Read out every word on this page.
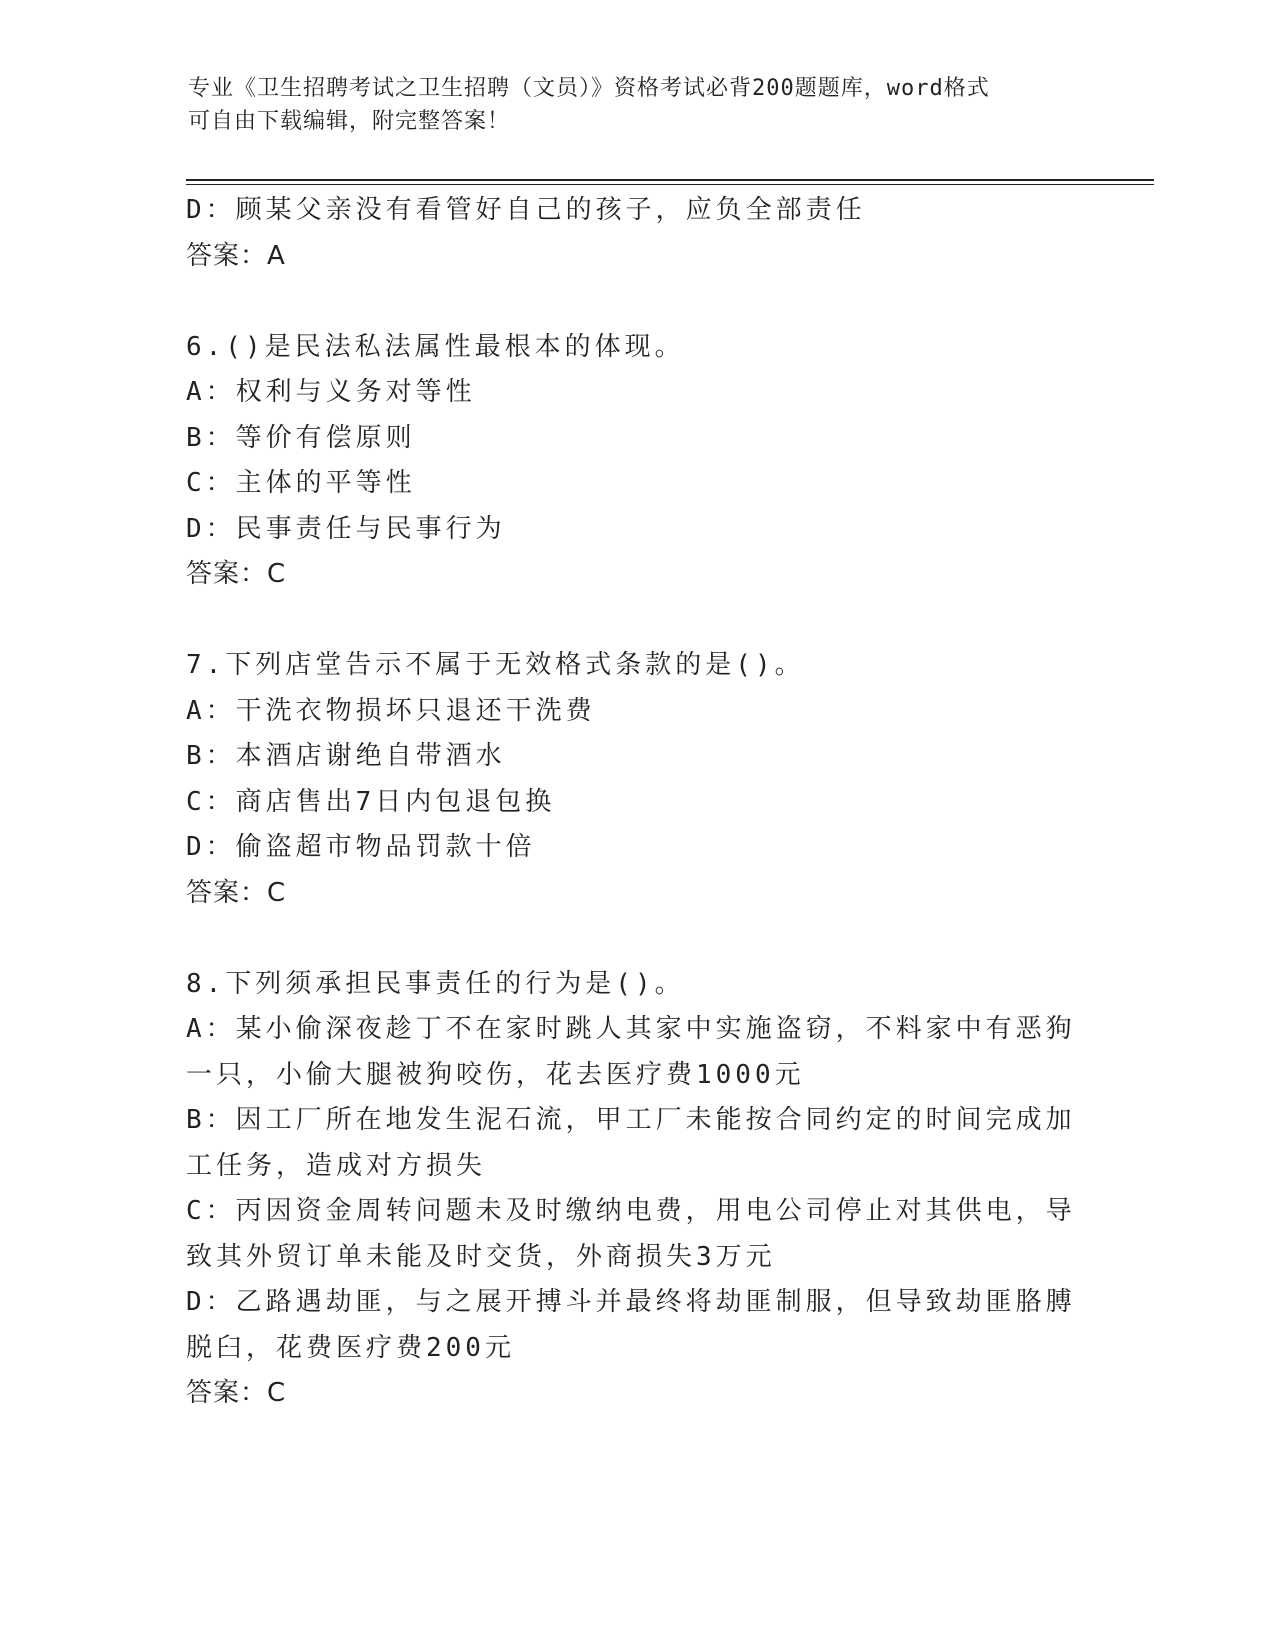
专业《卫生招聘考试之卫生招聘（文员）》资格考试必背200题题库，word格式
可自由下载编辑，附完整答案！
D：顾某父亲没有看管好自己的孩子，应负全部责任
答案：A
6.()是民法私法属性最根本的体现。
A：权利与义务对等性
B：等价有偿原则
C：主体的平等性
D：民事责任与民事行为
答案：C
7.下列店堂告示不属于无效格式条款的是()。
A：干洗衣物损坏只退还干洗费
B：本酒店谢绝自带酒水
C：商店售出7日内包退包换
D：偷盗超市物品罚款十倍
答案：C
8.下列须承担民事责任的行为是()。
A：某小偷深夜趁丁不在家时跳人其家中实施盗窃，不料家中有恶狗一只，小偷大腿被狗咬伤，花去医疗费1000元
B：因工厂所在地发生泥石流，甲工厂未能按合同约定的时间完成加工任务，造成对方损失
C：丙因资金周转问题未及时缴纳电费，用电公司停止对其供电，导致其外贸订单未能及时交货，外商损失3万元
D：乙路遇劫匪，与之展开搏斗并最终将劫匪制服，但导致劫匪胳膊脱臼，花费医疗费200元
答案：C
